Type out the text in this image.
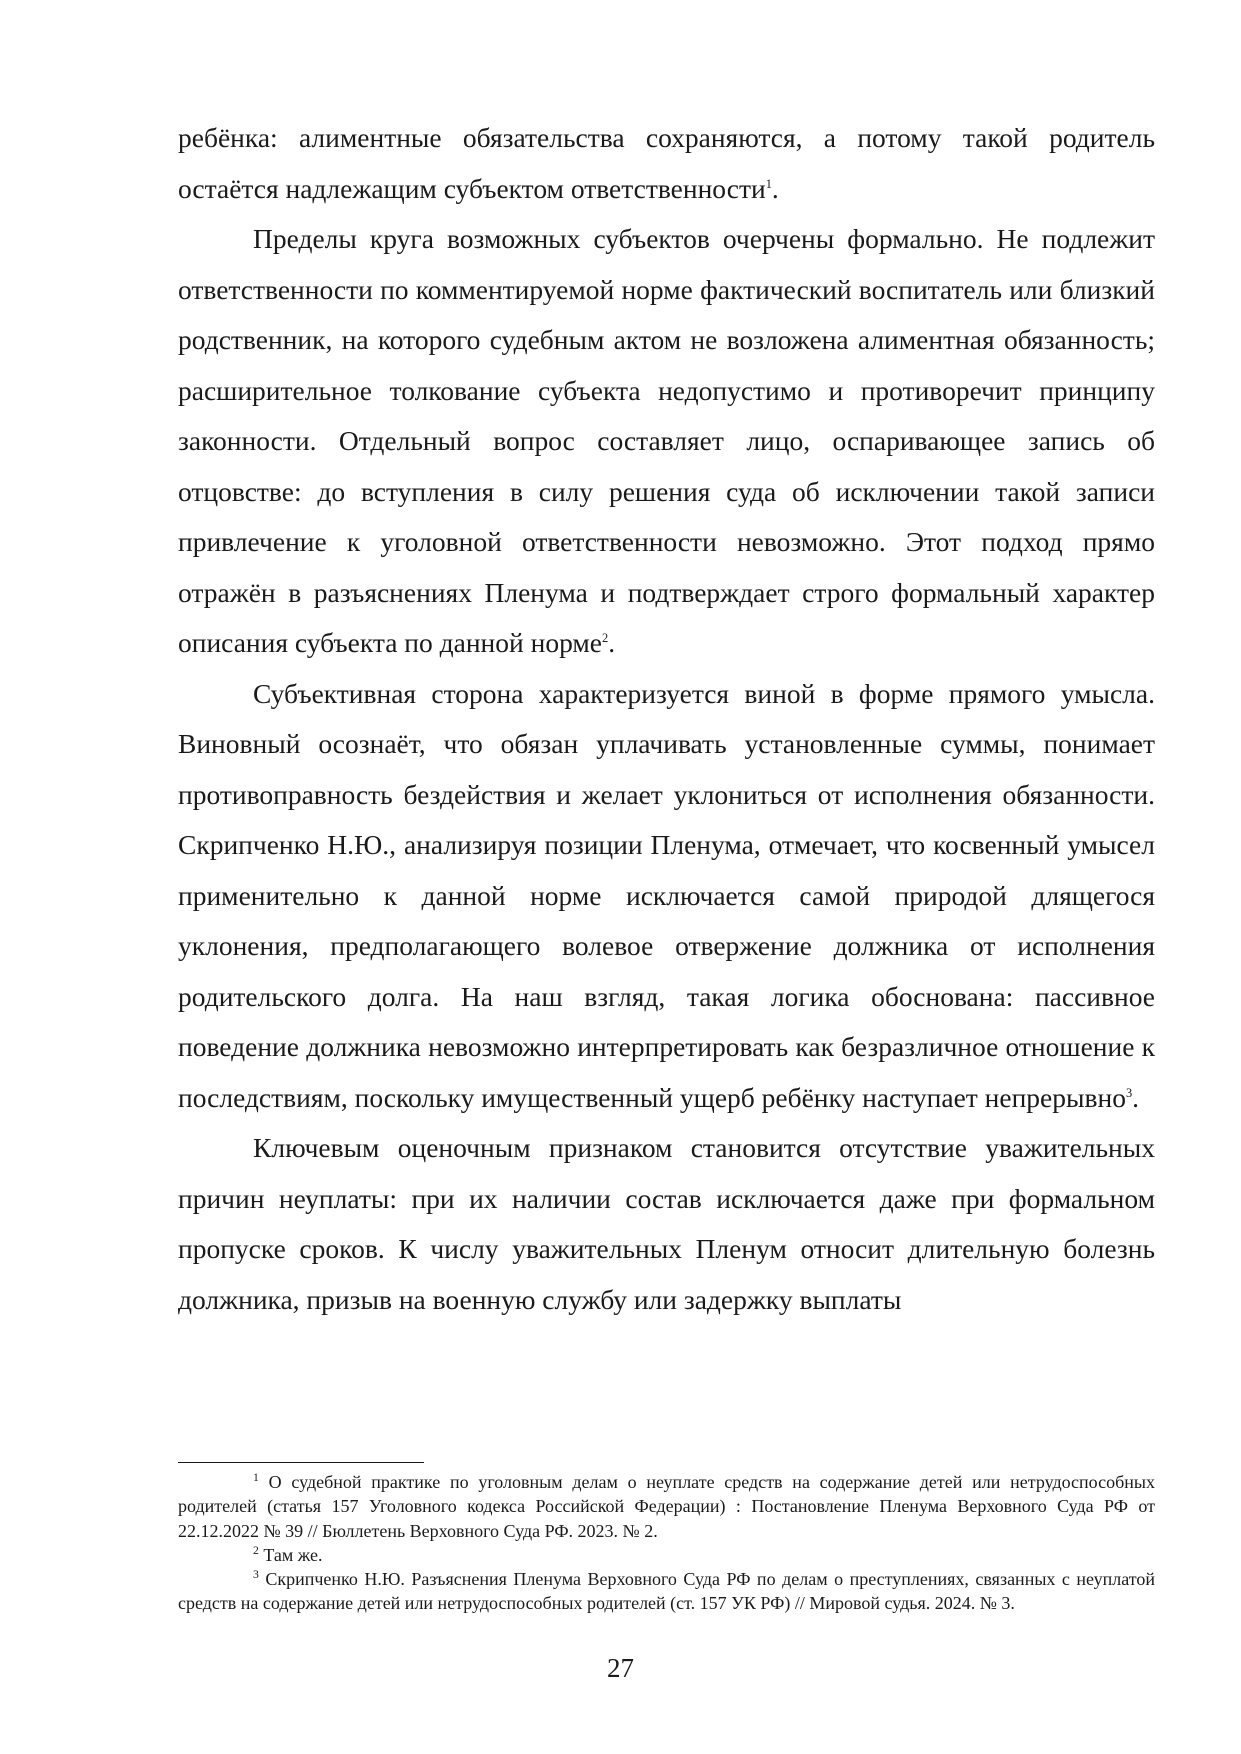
ребёнка: алиментные обязательства сохраняются, а потому такой родитель остаётся надлежащим субъектом ответственности$^1$.

Пределы круга возможных субъектов очерчены формально. Не подлежит ответственности по комментируемой норме фактический воспитатель или близкий родственник, на которого судебным актом не возложена алиментная обязанность; расширительное толкование субъекта недопустимо и противоречит принципу законности. Отдельный вопрос составляет лицо, оспаривающее запись об отцовстве: до вступления в силу решения суда об исключении такой записи привлечение к уголовной ответственности невозможно. Этот подход прямо отражён в разъяснениях Пленума и подтверждает строго формальный характер описания субъекта по данной норме$^2$.

Субъективная сторона характеризуется виной в форме прямого умысла. Виновный осознаёт, что обязан уплачивать установленные суммы, понимает противоправность бездействия и желает уклониться от исполнения обязанности. Скрипченко Н.Ю., анализируя позиции Пленума, отмечает, что косвенный умысел применительно к данной норме исключается самой природой длящегося уклонения, предполагающего волевое отвержение должника от исполнения родительского долга. На наш взгляд, такая логика обоснована: пассивное поведение должника невозможно интерпретировать как безразличное отношение к последствиям, поскольку имущественный ущерб ребёнку наступает непрерывно$^3$.

Ключевым оценочным признаком становится отсутствие уважительных причин неуплаты: при их наличии состав исключается даже при формальном пропуске сроков. К числу уважительных Пленум относит длительную болезнь должника, призыв на военную службу или задержку выплаты

$^1$ О судебной практике по уголовным делам о неуплате средств на содержание детей или нетрудоспособных родителей (статья 157 Уголовного кодекса Российской Федерации) : Постановление Пленума Верховного Суда РФ от 22.12.2022 № 39 // Бюллетень Верховного Суда РФ. 2023. № 2.

$^2$ Там же.

$^3$ Скрипченко Н.Ю. Разъяснения Пленума Верховного Суда РФ по делам о преступлениях, связанных с неуплатой средств на содержание детей или нетрудоспособных родителей (ст. 157 УК РФ) // Мировой судья. 2024. № 3.

27
